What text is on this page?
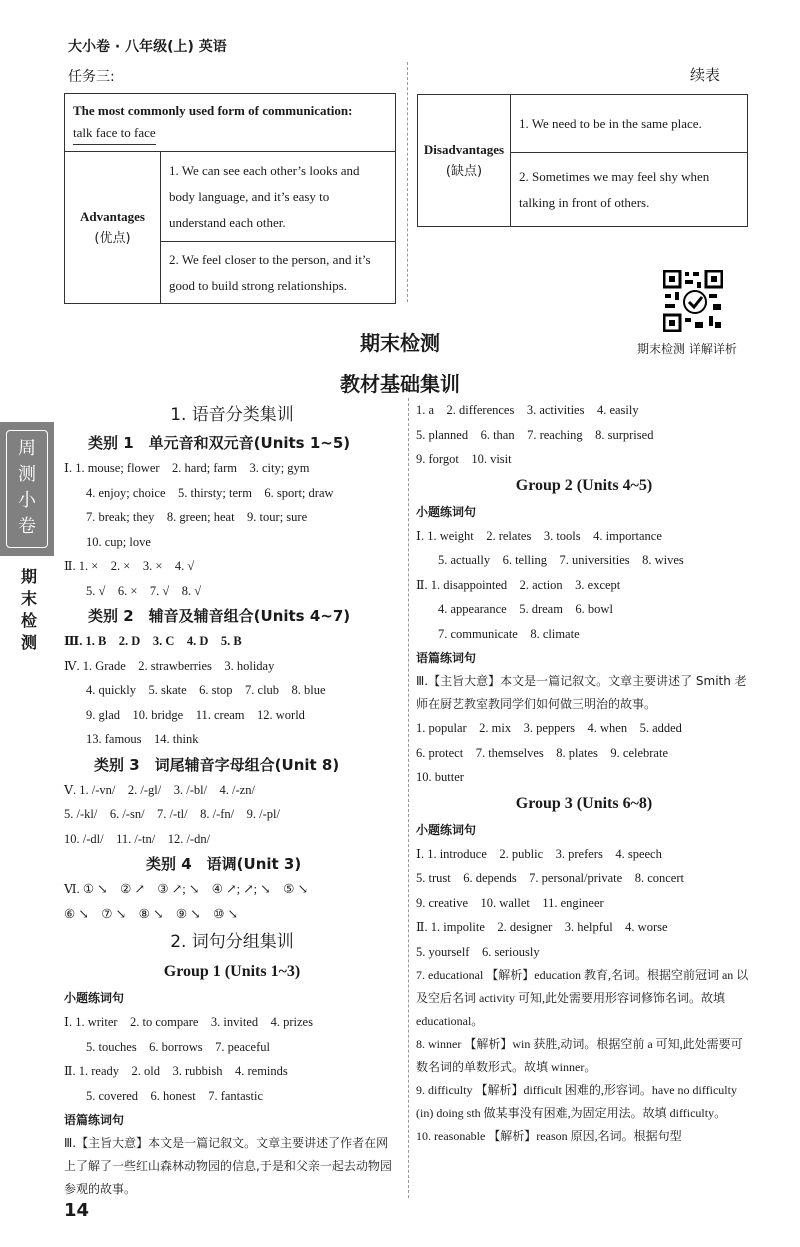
大小卷 · 八年级(上) 英语
任务三:	续表
The most commonly used form of communication:
talk face to face

Advantages
(优点)
	1. We can see each other’s looks and body language, and it’s easy to understand each other.
2. We feel closer to the person, and it’s good to build strong relationships.
Disadvantages
(缺点)
	1. We need to be in the same place.
2. Sometimes we may feel shy when talking in front of others.
期末检测 详解详析
周测小卷
期末检测
期末检测
教材基础集训
1. 语音分类集训
类别 1　单元音和双元音(Units 1~5)
Ⅰ. 1. mouse; flower　2. hard; farm　3. city; gym
4. enjoy; choice　5. thirsty; term　6. sport; draw
7. break; they　8. green; heat　9. tour; sure
10. cup; love
Ⅱ. 1. ×　2. ×　3. ×　4. √
5. √　6. ×　7. √　8. √
类别 2　辅音及辅音组合(Units 4~7)
Ⅲ. 1. B　2. D　3. C　4. D　5. B
Ⅳ. 1. Grade　2. strawberries　3. holiday
4. quickly　5. skate　6. stop　7. club　8. blue
9. glad　10. bridge　11. cream　12. world
13. famous　14. think
类别 3　词尾辅音字母组合(Unit 8)
Ⅴ. 1. /-vn/　2. /-gl/　3. /-bl/　4. /-zn/
5. /-kl/　6. /-sn/　7. /-tl/　8. /-fn/　9. /-pl/
10. /-dl/　11. /-tn/　12. /-dn/
类别 4　语调(Unit 3)
Ⅵ. ① ↘　② ↗　③ ↗; ↘　④ ↗; ↗; ↘　⑤ ↘
⑥ ↘　⑦ ↘　⑧ ↘　⑨ ↘　⑩ ↘
2. 词句分组集训
Group 1 (Units 1~3)
小题练词句
Ⅰ. 1. writer　2. to compare　3. invited　4. prizes
5. touches　6. borrows　7. peaceful
Ⅱ. 1. ready　2. old　3. rubbish　4. reminds
5. covered　6. honest　7. fantastic
语篇练词句
Ⅲ.【主旨大意】本文是一篇记叙文。文章主要讲述了作者在网上了解了一些红山森林动物园的信息,于是和父亲一起去动物园参观的故事。
14
1. a　2. differences　3. activities　4. easily
5. planned　6. than　7. reaching　8. surprised
9. forgot　10. visit
Group 2 (Units 4~5)
小题练词句
Ⅰ. 1. weight　2. relates　3. tools　4. importance
5. actually　6. telling　7. universities　8. wives
Ⅱ. 1. disappointed　2. action　3. except
4. appearance　5. dream　6. bowl
7. communicate　8. climate
语篇练词句
Ⅲ.【主旨大意】本文是一篇记叙文。文章主要讲述了 Smith 老师在厨艺教室教同学们如何做三明治的故事。
1. popular　2. mix　3. peppers　4. when　5. added
6. protect　7. themselves　8. plates　9. celebrate
10. butter
Group 3 (Units 6~8)
小题练词句
Ⅰ. 1. introduce　2. public　3. prefers　4. speech
5. trust　6. depends　7. personal/private　8. concert
9. creative　10. wallet　11. engineer
Ⅱ. 1. impolite　2. designer　3. helpful　4. worse
5. yourself　6. seriously
7. educational 【解析】education 教育,名词。根据空前冠词 an 以及空后名词 activity 可知,此处需要用形容词修饰名词。故填 educational。
8. winner 【解析】win 获胜,动词。根据空前 a 可知,此处需要可数名词的单数形式。故填 winner。
9. difficulty 【解析】difficult 困难的,形容词。have no difficulty (in) doing sth 做某事没有困难,为固定用法。故填 difficulty。
10. reasonable 【解析】reason 原因,名词。根据句型
